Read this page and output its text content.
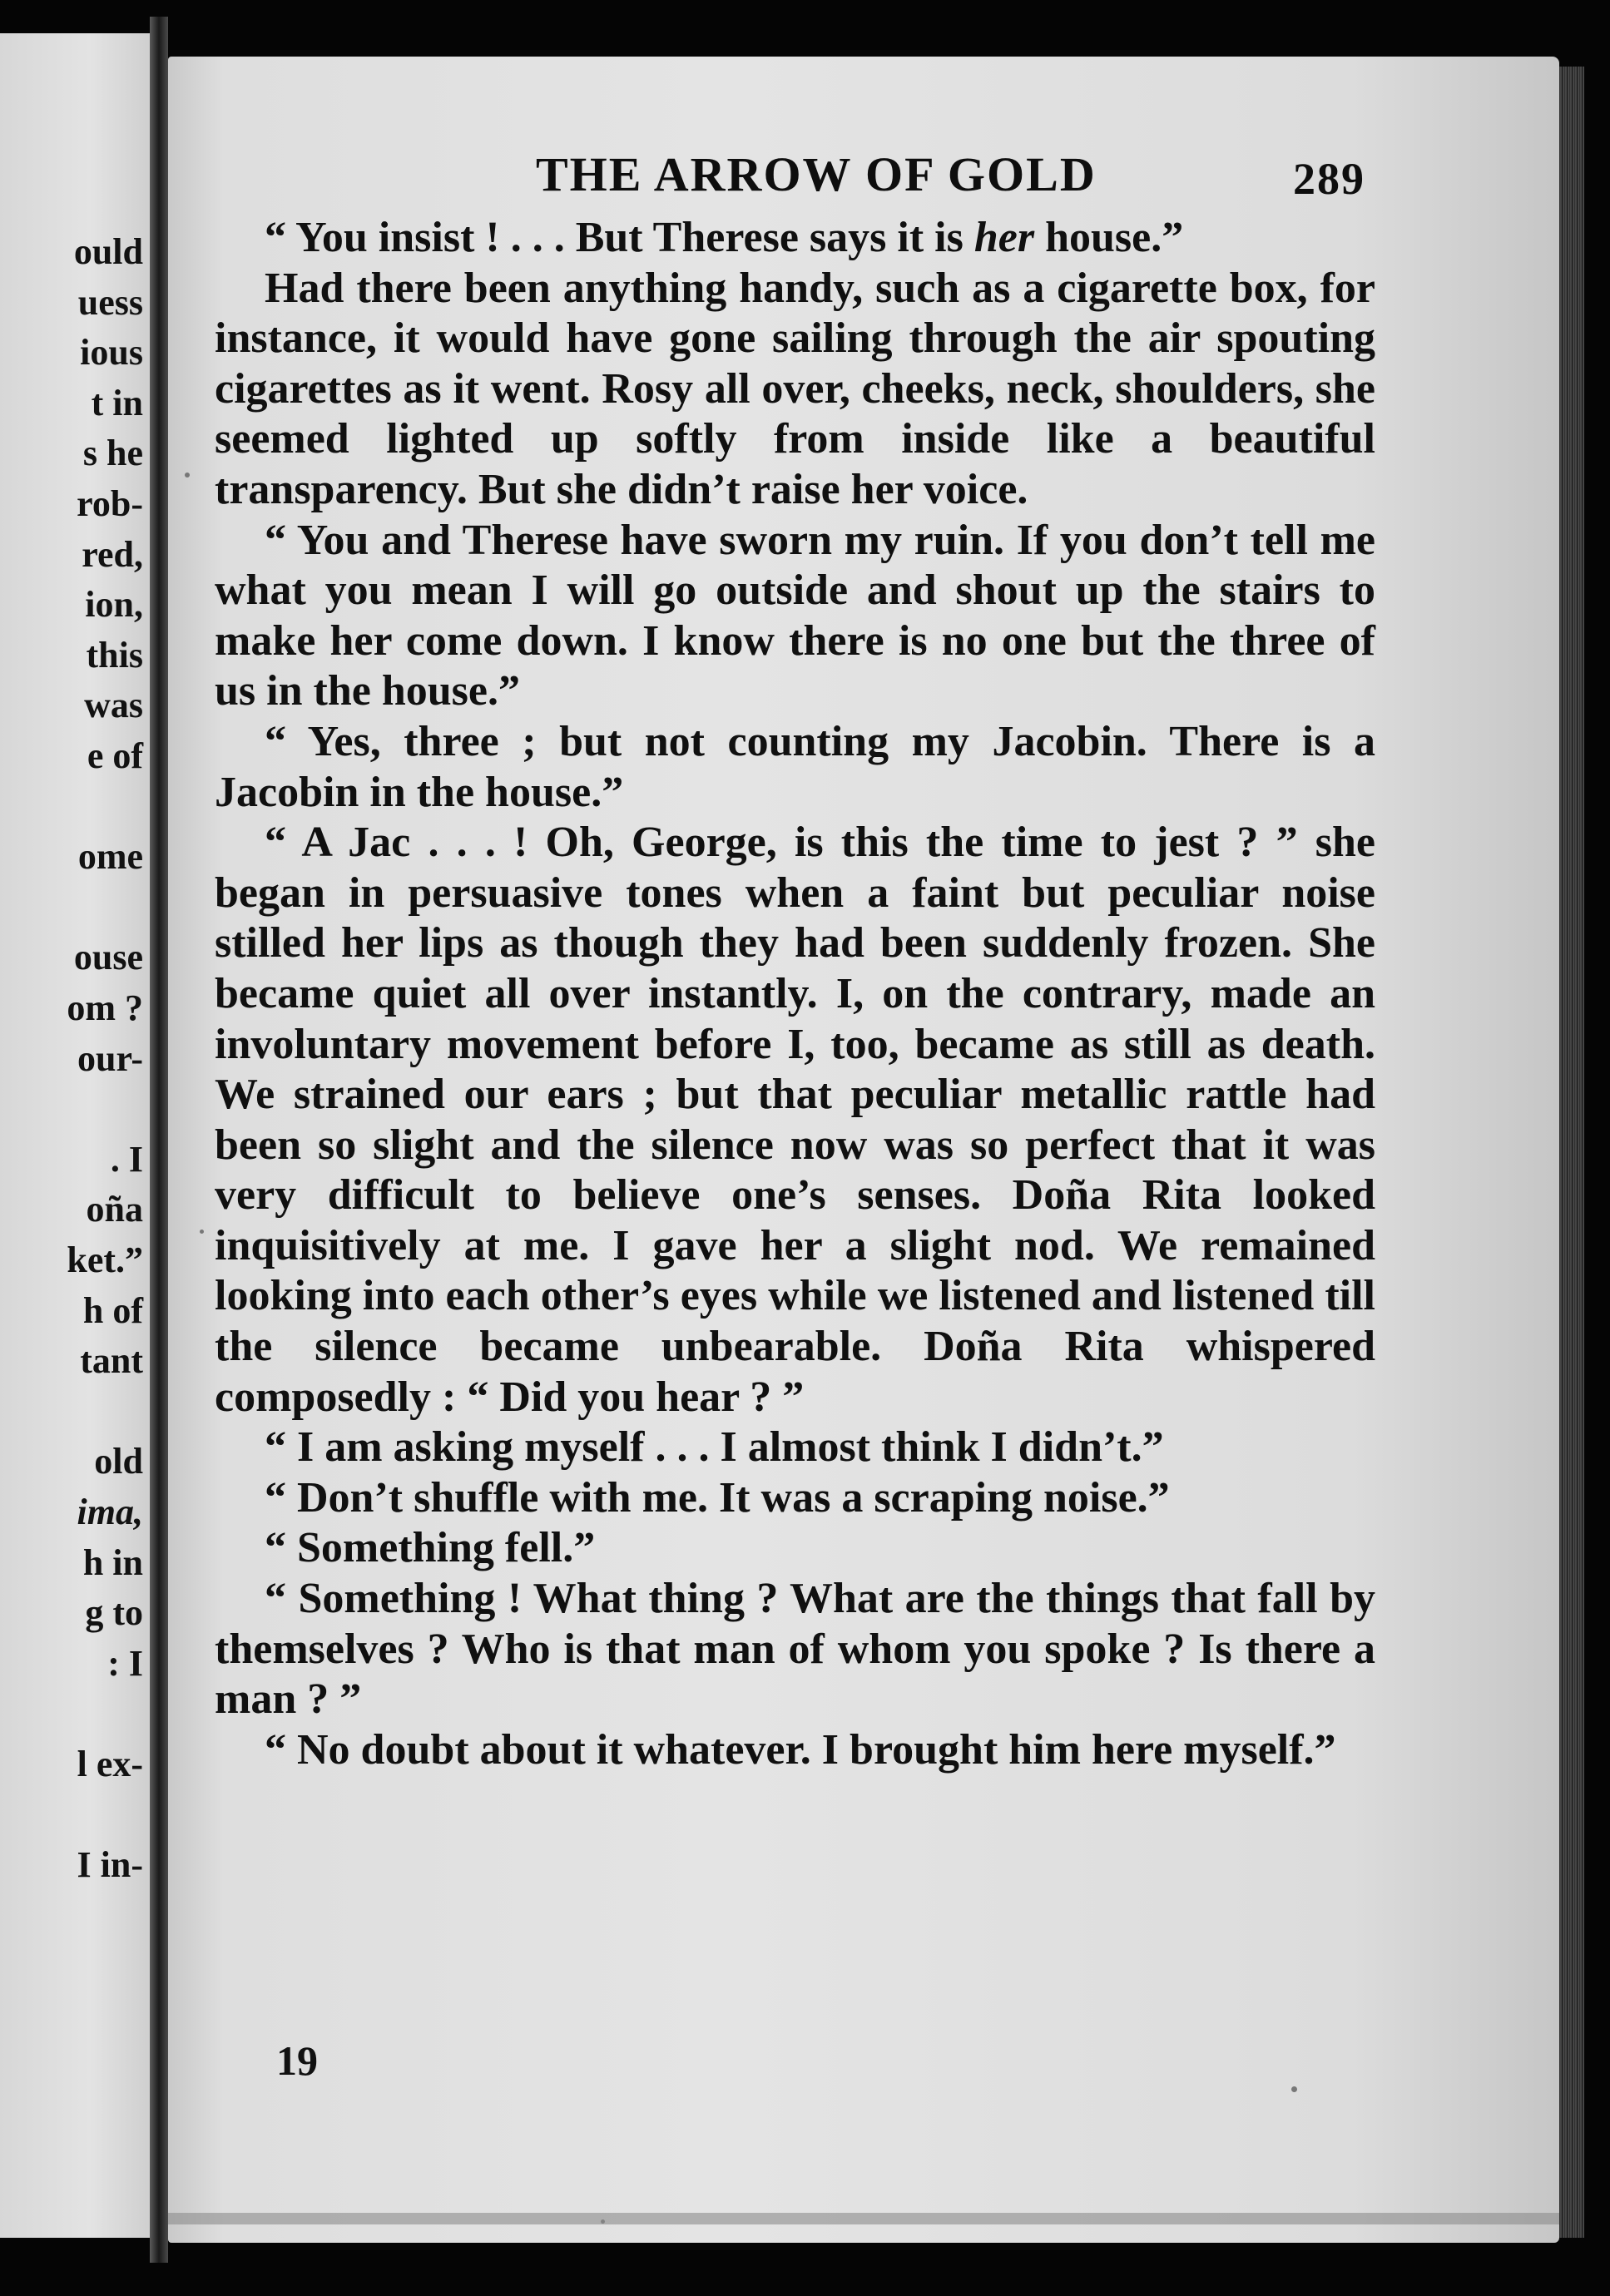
ould
uess
ious
t in
s he
rob-
red,
ion,
this
was
e of
ome
ouse
om ?
our-
. I
oña
ket.”
h of
tant
old
ima,
h in
g to
: I
l ex-
I in-
THE ARROW OF GOLD	289

“ You insist ! . . . But Therese says it is her house.”

Had there been anything handy, such as a cigarette box, for instance, it would have gone sailing through the air spouting cigarettes as it went. Rosy all over, cheeks, neck, shoulders, she seemed lighted up softly from inside like a beautiful transparency. But she didn’t raise her voice.

“ You and Therese have sworn my ruin. If you don’t tell me what you mean I will go outside and shout up the stairs to make her come down. I know there is no one but the three of us in the house.”

“ Yes, three ; but not counting my Jacobin. There is a Jacobin in the house.”

“ A Jac . . . ! Oh, George, is this the time to jest ? ” she began in persuasive tones when a faint but peculiar noise stilled her lips as though they had been suddenly frozen. She became quiet all over instantly. I, on the contrary, made an involuntary movement before I, too, became as still as death. We strained our ears ; but that peculiar metallic rattle had been so slight and the silence now was so perfect that it was very difficult to believe one’s senses. Doña Rita looked inquisitively at me. I gave her a slight nod. We remained looking into each other’s eyes while we listened and listened till the silence became unbearable. Doña Rita whispered composedly : “ Did you hear ? ”

“ I am asking myself . . . I almost think I didn’t.”

“ Don’t shuffle with me. It was a scraping noise.”

“ Something fell.”

“ Something ! What thing ? What are the things that fall by themselves ? Who is that man of whom you spoke ? Is there a man ? ”

“ No doubt about it whatever. I brought him here myself.”

19
